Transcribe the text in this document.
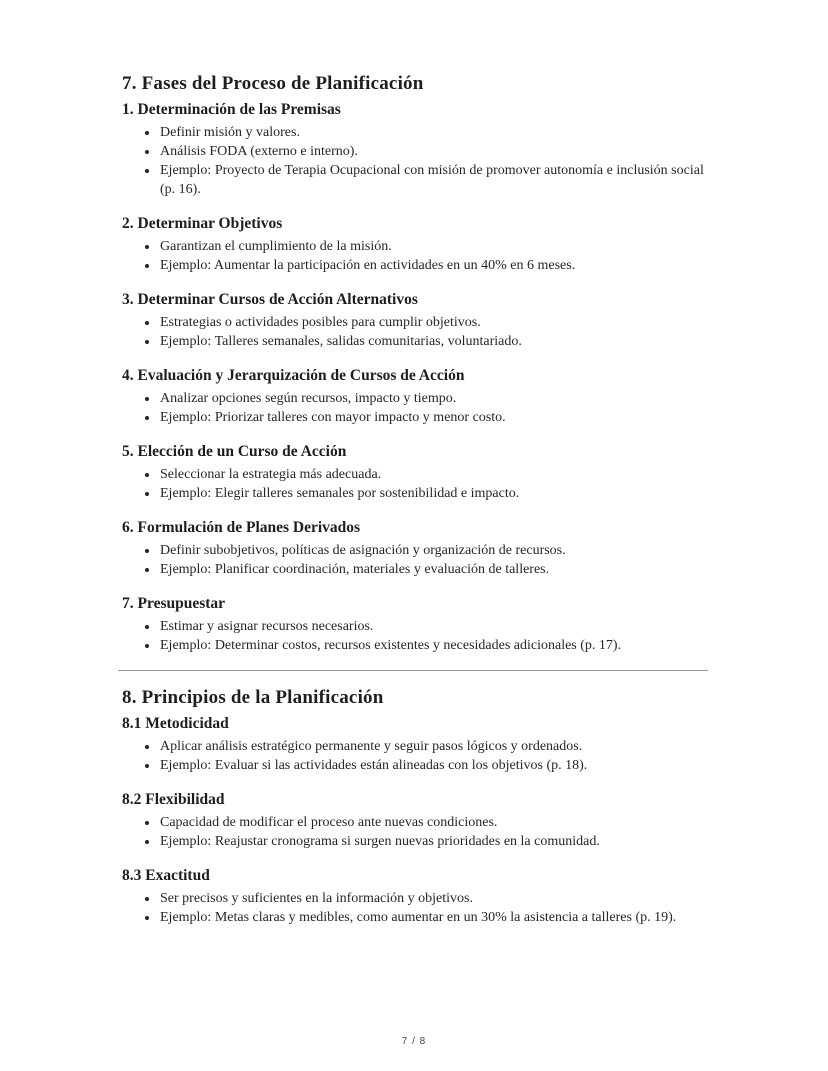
7. Fases del Proceso de Planificación
1. Determinación de las Premisas
• Definir misión y valores.
• Análisis FODA (externo e interno).
• Ejemplo: Proyecto de Terapia Ocupacional con misión de promover autonomía e inclusión social (p. 16).
2. Determinar Objetivos
• Garantizan el cumplimiento de la misión.
• Ejemplo: Aumentar la participación en actividades en un 40% en 6 meses.
3. Determinar Cursos de Acción Alternativos
• Estrategias o actividades posibles para cumplir objetivos.
• Ejemplo: Talleres semanales, salidas comunitarias, voluntariado.
4. Evaluación y Jerarquización de Cursos de Acción
• Analizar opciones según recursos, impacto y tiempo.
• Ejemplo: Priorizar talleres con mayor impacto y menor costo.
5. Elección de un Curso de Acción
• Seleccionar la estrategia más adecuada.
• Ejemplo: Elegir talleres semanales por sostenibilidad e impacto.
6. Formulación de Planes Derivados
• Definir subobjetivos, políticas de asignación y organización de recursos.
• Ejemplo: Planificar coordinación, materiales y evaluación de talleres.
7. Presupuestar
• Estimar y asignar recursos necesarios.
• Ejemplo: Determinar costos, recursos existentes y necesidades adicionales (p. 17).
8. Principios de la Planificación
8.1 Metodicidad
• Aplicar análisis estratégico permanente y seguir pasos lógicos y ordenados.
• Ejemplo: Evaluar si las actividades están alineadas con los objetivos (p. 18).
8.2 Flexibilidad
• Capacidad de modificar el proceso ante nuevas condiciones.
• Ejemplo: Reajustar cronograma si surgen nuevas prioridades en la comunidad.
8.3 Exactitud
• Ser precisos y suficientes en la información y objetivos.
• Ejemplo: Metas claras y medibles, como aumentar en un 30% la asistencia a talleres (p. 19).
7 / 8
